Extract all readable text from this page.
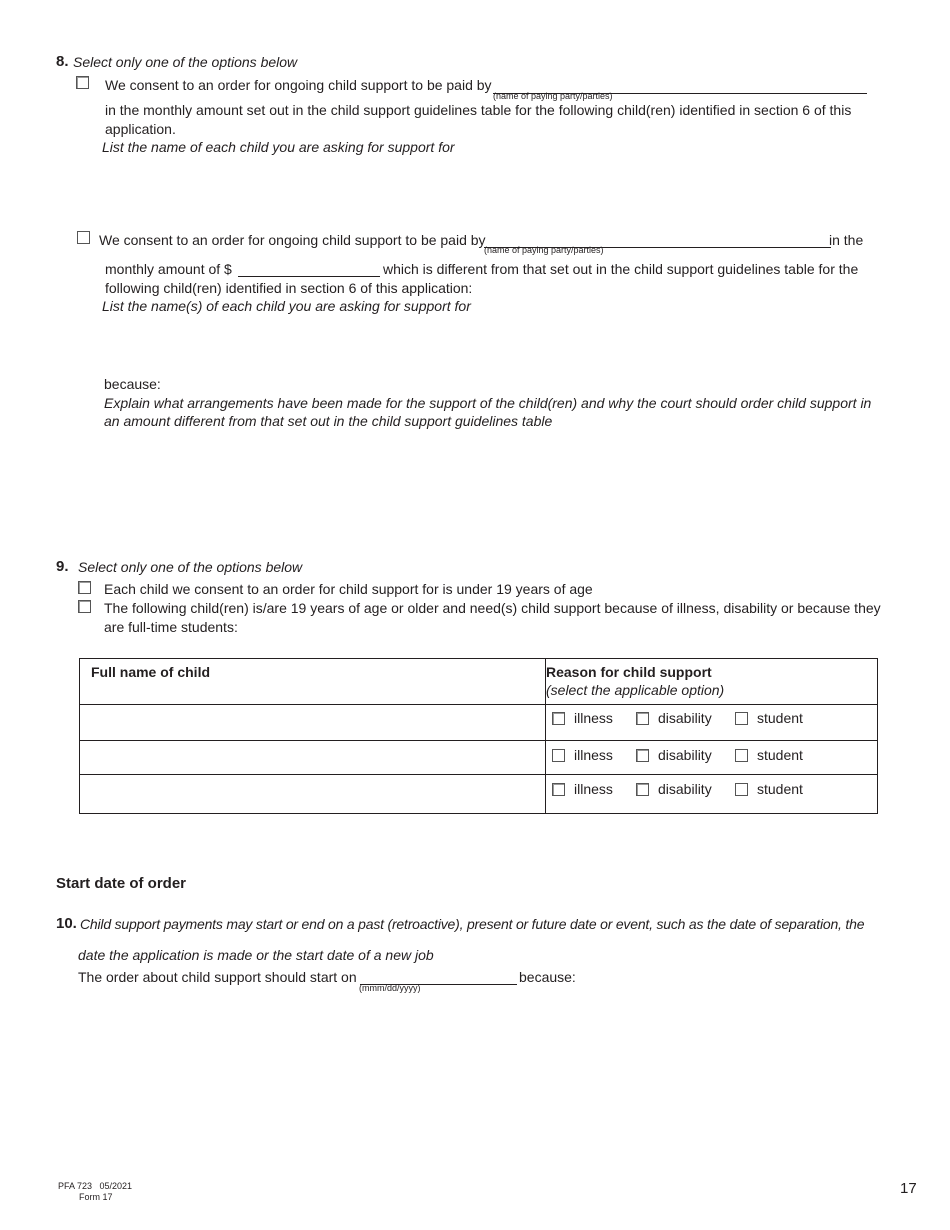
8. Select only one of the options below
We consent to an order for ongoing child support to be paid by
(name of paying party/parties)
in the monthly amount set out in the child support guidelines table for the following child(ren) identified in section 6 of this
application.
List the name of each child you are asking for support for
We consent to an order for ongoing child support to be paid by
(name of paying party/parties)
in the
monthly amount of $	which is different from that set out in the child support guidelines table for the
following child(ren) identified in section 6 of this application:
List the name(s) of each child you are asking for support for
because:
Explain what arrangements have been made for the support of the child(ren) and why the court should order child support in
an amount different from that set out in the child support guidelines table
9. Select only one of the options below
Each child we consent to an order for child support for is under 19 years of age
The following child(ren) is/are 19 years of age or older and need(s) child support because of illness, disability or because they
are full-time students:
Full name of child	Reason for child support
(select the applicable option)

	illness disability student

	illness disability student

	illness disability student
Start date of order
10. Child support payments may start or end on a past (retroactive), present or future date or event, such as the date of separation, the
date the application is made or the start date of a new job
The order about child support should start on
(mmm/dd/yyyy)
because:
PFA 723   05/2021
Form 17	17
